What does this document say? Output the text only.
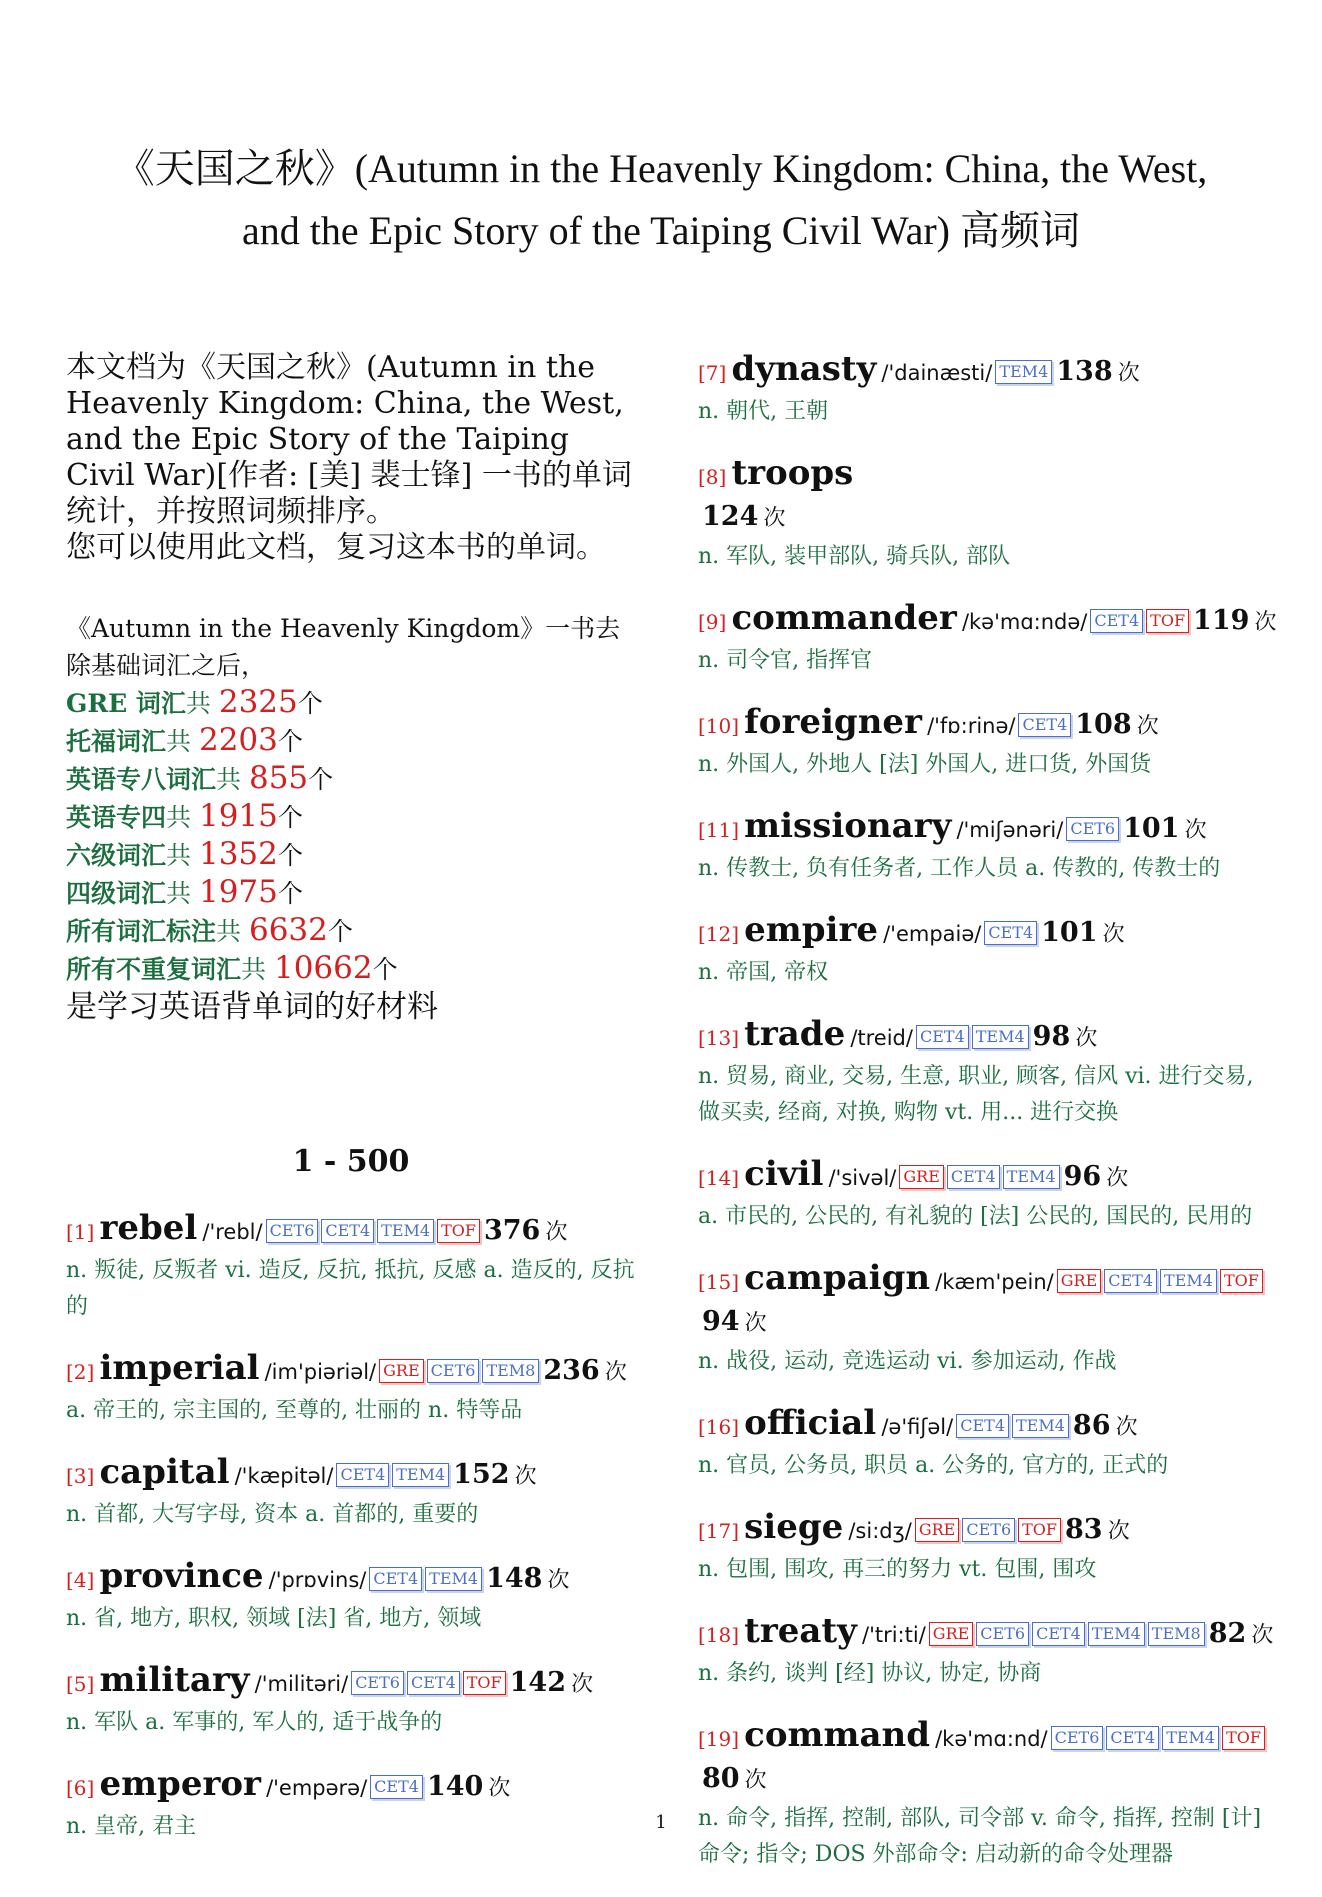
《天国之秋》(Autumn in the Heavenly Kingdom: China, the West,
and the Epic Story of the Taiping Civil War) 高频词

本文档为《天国之秋》(Autumn in the Heavenly Kingdom: China, the West, and the Epic Story of the Taiping Civil War)[作者: [美] 裴士锋] 一书的单词统计，并按照词频排序。
您可以使用此文档，复习这本书的单词。

《Autumn in the Heavenly Kingdom》一书去除基础词汇之后，
GRE 词汇共 2325个
托福词汇共 2203个
英语专八词汇共 855个
英语专四共 1915个
六级词汇共 1352个
四级词汇共 1975个
所有词汇标注共 6632个
所有不重复词汇共 10662个
是学习英语背单词的好材料
1 - 500
[1] rebel /'rebl/ CET6 CET4 TEM4 TOF 376 次
n. 叛徒, 反叛者 vi. 造反, 反抗, 抵抗, 反感 a. 造反的, 反抗的
[2] imperial /im'piəriəl/ GRE CET6 TEM8 236 次
a. 帝王的, 宗主国的, 至尊的, 壮丽的 n. 特等品
[3] capital /'kæpitəl/ CET4 TEM4 152 次
n. 首都, 大写字母, 资本 a. 首都的, 重要的
[4] province /'prɒvins/ CET4 TEM4 148 次
n. 省, 地方, 职权, 领域 [法] 省, 地方, 领域
[5] military /'militəri/ CET6 CET4 TOF 142 次
n. 军队 a. 军事的, 军人的, 适于战争的
[6] emperor /'empərə/ CET4 140 次
n. 皇帝, 君主
[7] dynasty /'dainæsti/ TEM4 138 次
n. 朝代, 王朝
[8] troops
124 次
n. 军队, 装甲部队, 骑兵队, 部队
[9] commander /kə'mɑ:ndə/ CET4 TOF 119 次
n. 司令官, 指挥官
[10] foreigner /'fɒ:rinə/ CET4 108 次
n. 外国人, 外地人 [法] 外国人, 进口货, 外国货
[11] missionary /'miʃənəri/ CET6 101 次
n. 传教士, 负有任务者, 工作人员 a. 传教的, 传教士的
[12] empire /'empaiə/ CET4 101 次
n. 帝国, 帝权
[13] trade /treid/ CET4 TEM4 98 次
n. 贸易, 商业, 交易, 生意, 职业, 顾客, 信风 vi. 进行交易, 做买卖, 经商, 对换, 购物 vt. 用... 进行交换
[14] civil /'sivəl/ GRE CET4 TEM4 96 次
a. 市民的, 公民的, 有礼貌的 [法] 公民的, 国民的, 民用的
[15] campaign /kæm'pein/ GRE CET4 TEM4 TOF94 次
n. 战役, 运动, 竞选运动 vi. 参加运动, 作战
[16] official /ə'fiʃəl/ CET4 TEM4 86 次
n. 官员, 公务员, 职员 a. 公务的, 官方的, 正式的
[17] siege /si:dʒ/ GRE CET6 TOF 83 次
n. 包围, 围攻, 再三的努力 vt. 包围, 围攻
[18] treaty /'tri:ti/ GRE CET6 CET4 TEM4 TEM8 82 次
n. 条约, 谈判 [经] 协议, 协定, 协商
[19] command /kə'mɑ:nd/ CET6 CET4 TEM4 TOF80 次
n. 命令, 指挥, 控制, 部队, 司令部 v. 命令, 指挥, 控制 [计] 命令; 指令; DOS 外部命令: 启动新的命令处理器
1
